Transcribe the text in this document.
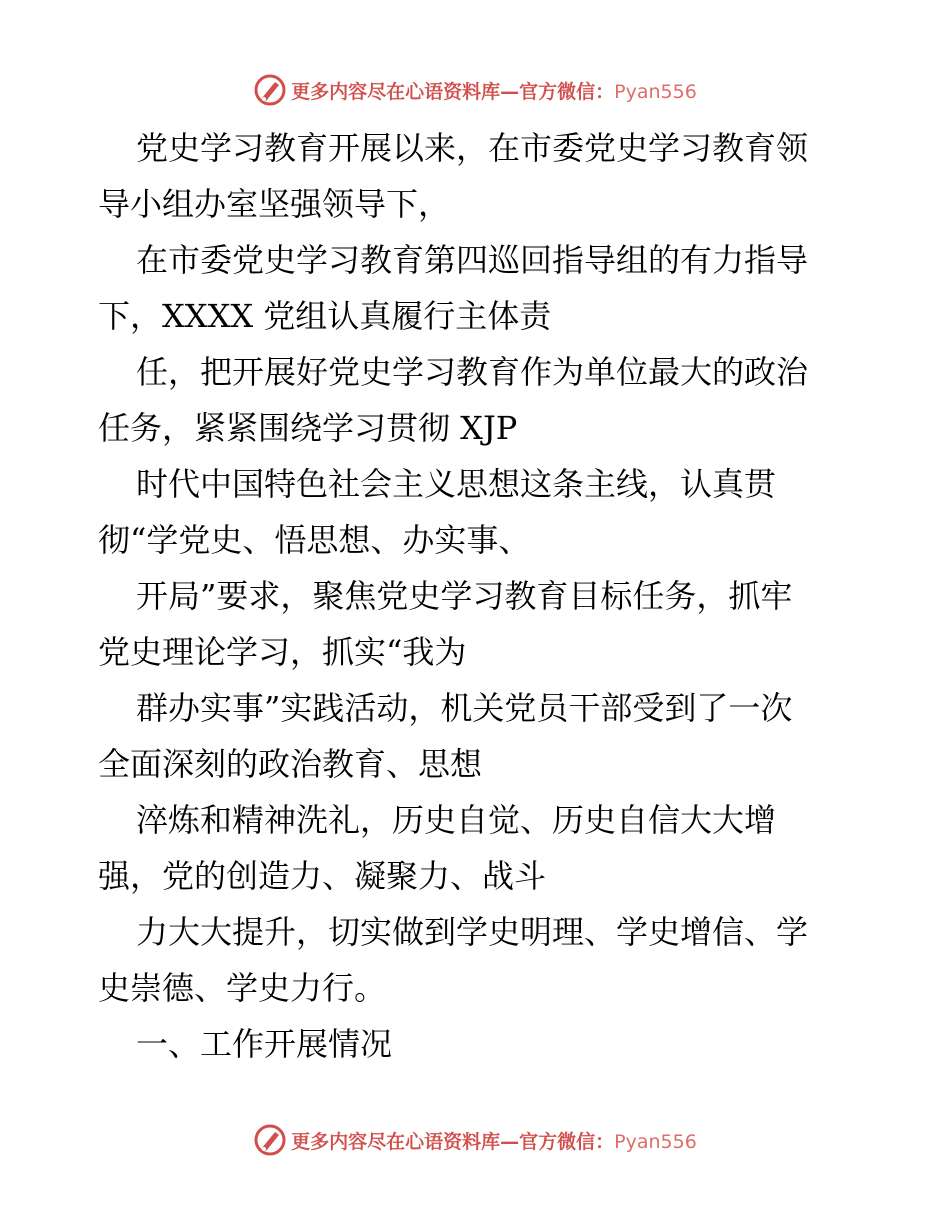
更多内容尽在心语资料库—官方微信：Pyan556
党史学习教育开展以来，在市委党史学习教育领
导小组办室坚强领导下，
在市委党史学习教育第四巡回指导组的有力指导
下，XXXX 党组认真履行主体责
任，把开展好党史学习教育作为单位最大的政治
任务，紧紧围绕学习贯彻 XJP
时代中国特色社会主义思想这条主线，认真贯
彻“学党史、悟思想、办实事、
开局”要求，聚焦党史学习教育目标任务，抓牢
党史理论学习，抓实“我为
群办实事”实践活动，机关党员干部受到了一次
全面深刻的政治教育、思想
淬炼和精神洗礼，历史自觉、历史自信大大增
强，党的创造力、凝聚力、战斗
力大大提升，切实做到学史明理、学史增信、学
史崇德、学史力行。
一、工作开展情况
更多内容尽在心语资料库—官方微信：Pyan556
